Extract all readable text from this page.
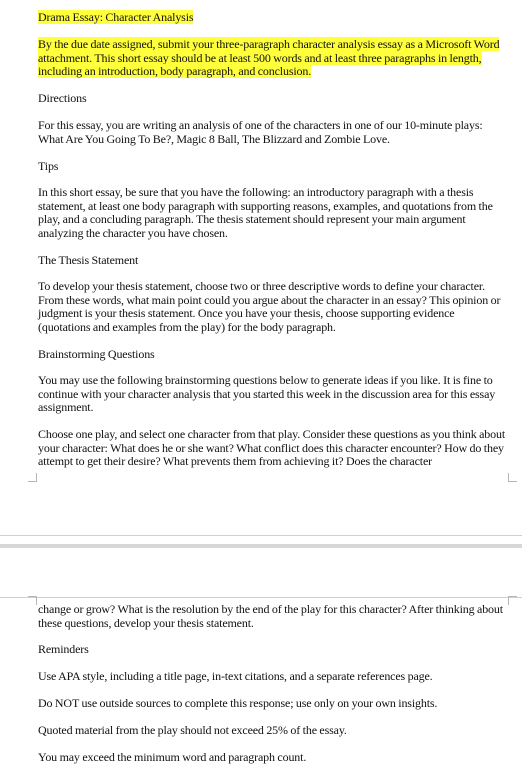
Drama Essay: Character Analysis

By the due date assigned, submit your three-paragraph character analysis essay as a Microsoft Word attachment. This short essay should be at least 500 words and at least three paragraphs in length, including an introduction, body paragraph, and conclusion.

Directions

For this essay, you are writing an analysis of one of the characters in one of our 10-minute plays: What Are You Going To Be?, Magic 8 Ball, The Blizzard and Zombie Love.

Tips

In this short essay, be sure that you have the following: an introductory paragraph with a thesis statement, at least one body paragraph with supporting reasons, examples, and quotations from the play, and a concluding paragraph. The thesis statement should represent your main argument analyzing the character you have chosen.

The Thesis Statement

To develop your thesis statement, choose two or three descriptive words to define your character. From these words, what main point could you argue about the character in an essay? This opinion or judgment is your thesis statement. Once you have your thesis, choose supporting evidence (quotations and examples from the play) for the body paragraph.

Brainstorming Questions

You may use the following brainstorming questions below to generate ideas if you like. It is fine to continue with your character analysis that you started this week in the discussion area for this essay assignment.

Choose one play, and select one character from that play. Consider these questions as you think about your character: What does he or she want? What conflict does this character encounter? How do they attempt to get their desire? What prevents them from achieving it? Does the character

change or grow? What is the resolution by the end of the play for this character? After thinking about these questions, develop your thesis statement.

Reminders

Use APA style, including a title page, in-text citations, and a separate references page.

Do NOT use outside sources to complete this response; use only on your own insights.

Quoted material from the play should not exceed 25% of the essay.

You may exceed the minimum word and paragraph count.
